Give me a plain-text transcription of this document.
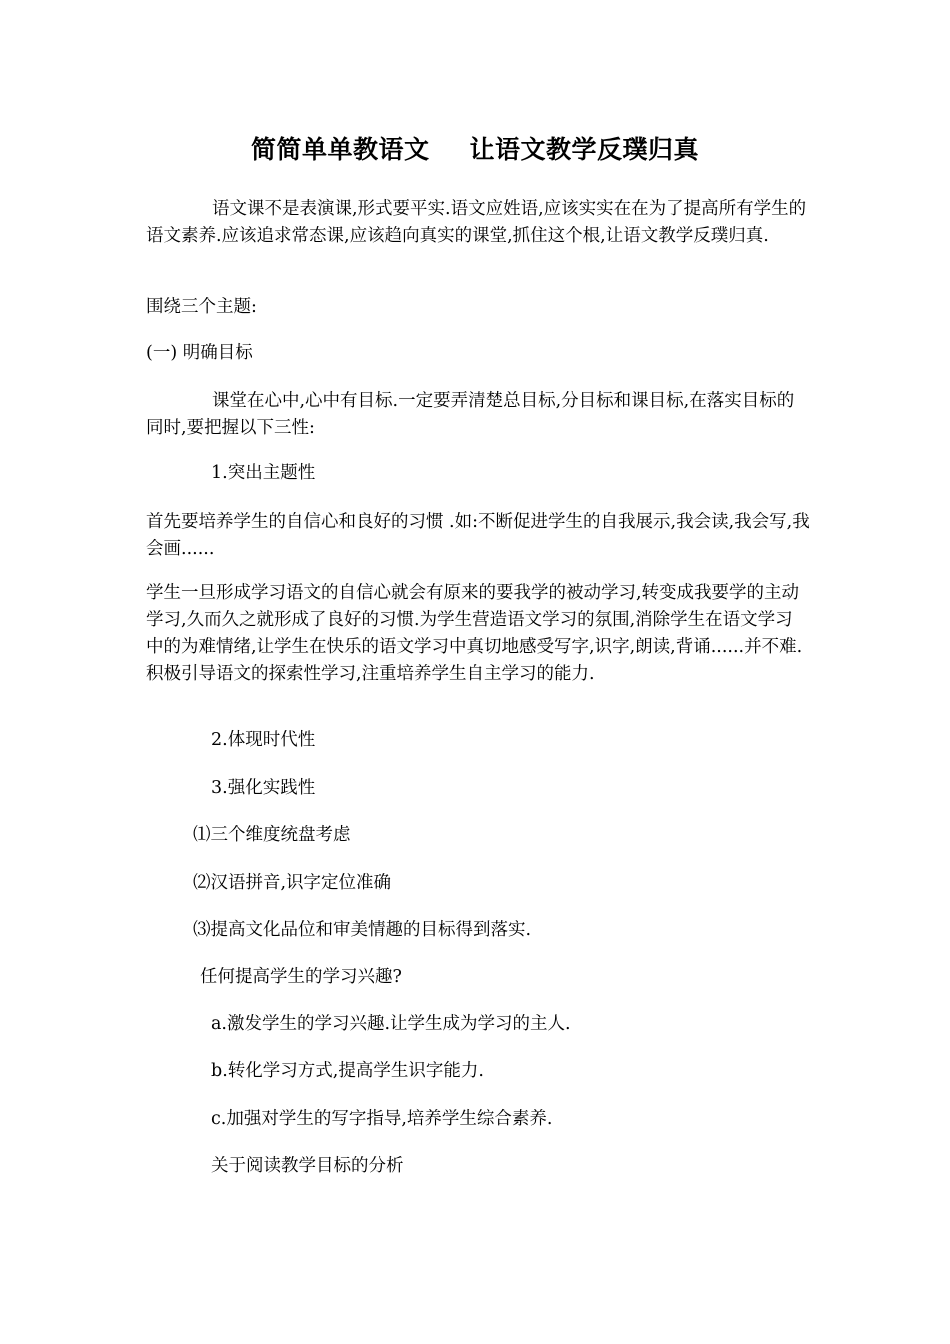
简简单单教语文 让语文教学反璞归真
语文课不是表演课,形式要平实.语文应姓语,应该实实在在为了提高所有学生的语文素养.应该追求常态课,应该趋向真实的课堂,抓住这个根,让语文教学反璞归真.
围绕三个主题:
(一) 明确目标
课堂在心中,心中有目标.一定要弄清楚总目标,分目标和课目标,在落实目标的同时,要把握以下三性:
1.突出主题性
首先要培养学生的自信心和良好的习惯 .如:不断促进学生的自我展示,我会读,我会写,我会画......
学生一旦形成学习语文的自信心就会有原来的要我学的被动学习,转变成我要学的主动学习,久而久之就形成了良好的习惯.为学生营造语文学习的氛围,消除学生在语文学习中的为难情绪,让学生在快乐的语文学习中真切地感受写字,识字,朗读,背诵......并不难.积极引导语文的探索性学习,注重培养学生自主学习的能力.
2.体现时代性
3.强化实践性
⑴三个维度统盘考虑
⑵汉语拼音,识字定位准确
⑶提高文化品位和审美情趣的目标得到落实.
任何提高学生的学习兴趣?
a.激发学生的学习兴趣.让学生成为学习的主人.
b.转化学习方式,提高学生识字能力.
c.加强对学生的写字指导,培养学生综合素养.
关于阅读教学目标的分析
